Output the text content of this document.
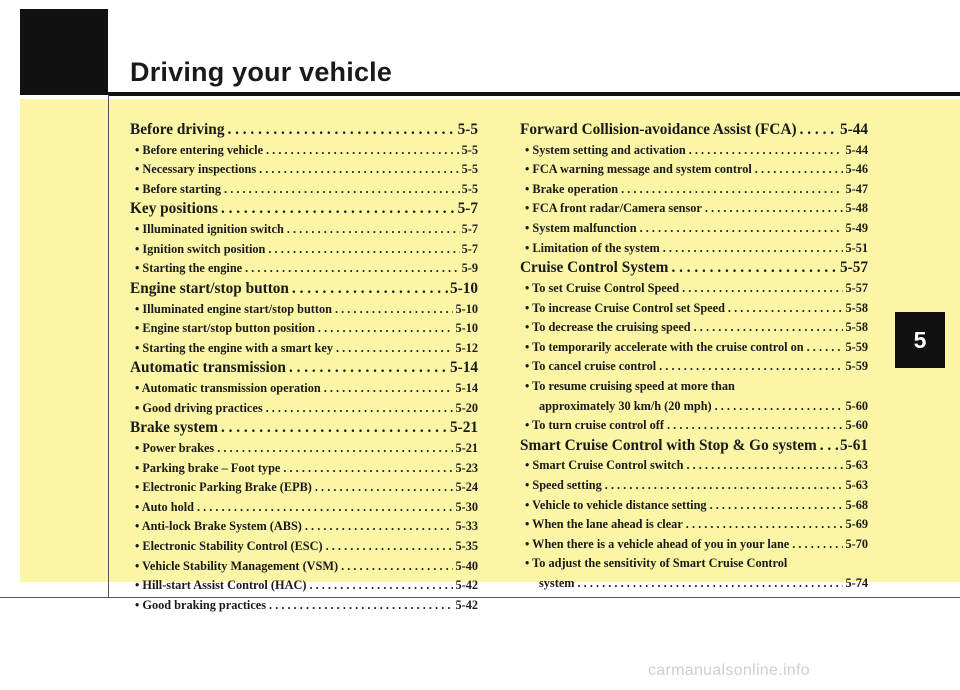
Driving your vehicle
Before driving . . .	5-5
• Before entering vehicle . . .	5-5
• Necessary inspections . . .	5-5
• Before starting . . .	5-5
Key positions . . .	5-7
• Illuminated ignition switch . . .	5-7
• Ignition switch position . . .	5-7
• Starting the engine . . .	5-9
Engine start/stop button . . .	5-10
• Illuminated engine start/stop button . . .	5-10
• Engine start/stop button position . . .	5-10
• Starting the engine with a smart key . . .	5-12
Automatic transmission . . .	5-14
• Automatic transmission operation . . .	5-14
• Good driving practices . . .	5-20
Brake system . . .	5-21
• Power brakes . . .	5-21
• Parking brake – Foot type . . .	5-23
• Electronic Parking Brake (EPB) . . .	5-24
• Auto hold . . .	5-30
• Anti-lock Brake System (ABS) . . .	5-33
• Electronic Stability Control (ESC) . . .	5-35
• Vehicle Stability Management (VSM) . . .	5-40
• Hill-start Assist Control (HAC) . . .	5-42
• Good braking practices . . .	5-42
Forward Collision-avoidance Assist (FCA) . . .	5-44
• System setting and activation . . .	5-44
• FCA warning message and system control . . .	5-46
• Brake operation . . .	5-47
• FCA front radar/Camera sensor . . .	5-48
• System malfunction . . .	5-49
• Limitation of the system . . .	5-51
Cruise Control System . . .	5-57
• To set Cruise Control Speed . . .	5-57
• To increase Cruise Control set Speed . . .	5-58
• To decrease the cruising speed . . .	5-58
• To temporarily accelerate with the cruise control on . . .	5-59
• To cancel cruise control . . .	5-59
• To resume cruising speed at more than
approximately 30 km/h (20 mph) . . .	5-60
• To turn cruise control off . . .	5-60
Smart Cruise Control with Stop & Go system . . . 5-61
• Smart Cruise Control switch . . .	5-63
• Speed setting . . .	5-63
• Vehicle to vehicle distance setting . . .	5-68
• When the lane ahead is clear . . .	5-69
• When there is a vehicle ahead of you in your lane . . .	5-70
• To adjust the sensitivity of Smart Cruise Control
system . . .	5-74
5

carmanualsonline.info
